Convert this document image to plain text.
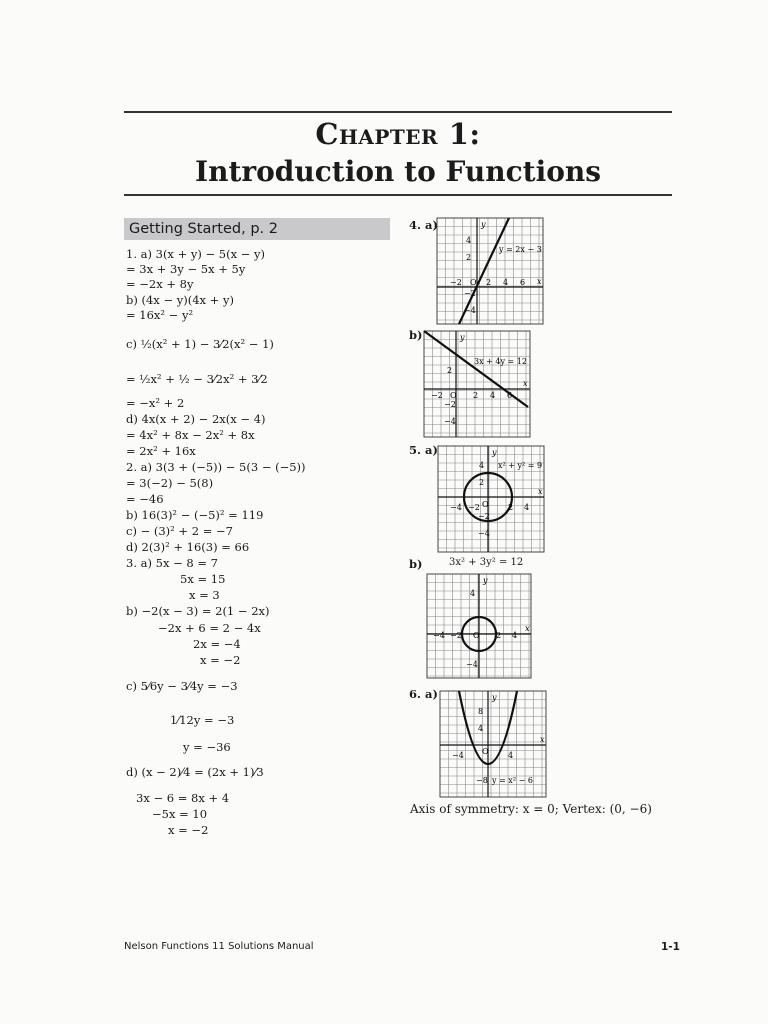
Chapter 1:
Introduction to Functions
Getting Started, p. 2
1. a) 3(x + y) − 5(x − y)
= 3x + 3y − 5x + 5y
= −2x + 8y
b) (4x − y)(4x + y)
= 16x² − y²
c) ½(x² + 1) − 3⁄2(x² − 1)
= ½x² + ½ − 3⁄2x² + 3⁄2
= −x² + 2
d) 4x(x + 2) − 2x(x − 4)
= 4x² + 8x − 2x² + 8x
= 2x² + 16x
2. a) 3(3 + (−5)) − 5(3 − (−5))
= 3(−2) − 5(8)
= −46
b) 16(3)² − (−5)² = 119
c) − (3)² + 2 = −7
d) 2(3)² + 16(3) = 66
3. a) 5x − 8 = 7
5x = 15
x = 3
b) −2(x − 3) = 2(1 − 2x)
−2x + 6 = 2 − 4x
2x = −4
x = −2
c) 5⁄6y − 3⁄4y = −3
1⁄12y = −3
y = −36
d) (x − 2)⁄4 = (2x + 1)⁄3
3x − 6 = 8x + 4
−5x = 10
x = −2
4. a)
b)
5. a)
b)
6. a)
y
x
y = 2x − 3
4
2
−2 O 2 4 6
−2
−4
y
x
3x + 4y = 12
2
−2 O 2 4 6
−2
−4
y
x
x² + y² = 9
4
2
−4 −2 O 2 4
−2
−4
3x² + 3y² = 12
y
x
4
−4 −2 O 2 4
−4
y
x
y = x² − 6
8
4
−4 O 4
−8
Axis of symmetry: x = 0; Vertex: (0, −6)
Nelson Functions 11 Solutions Manual	1-1
